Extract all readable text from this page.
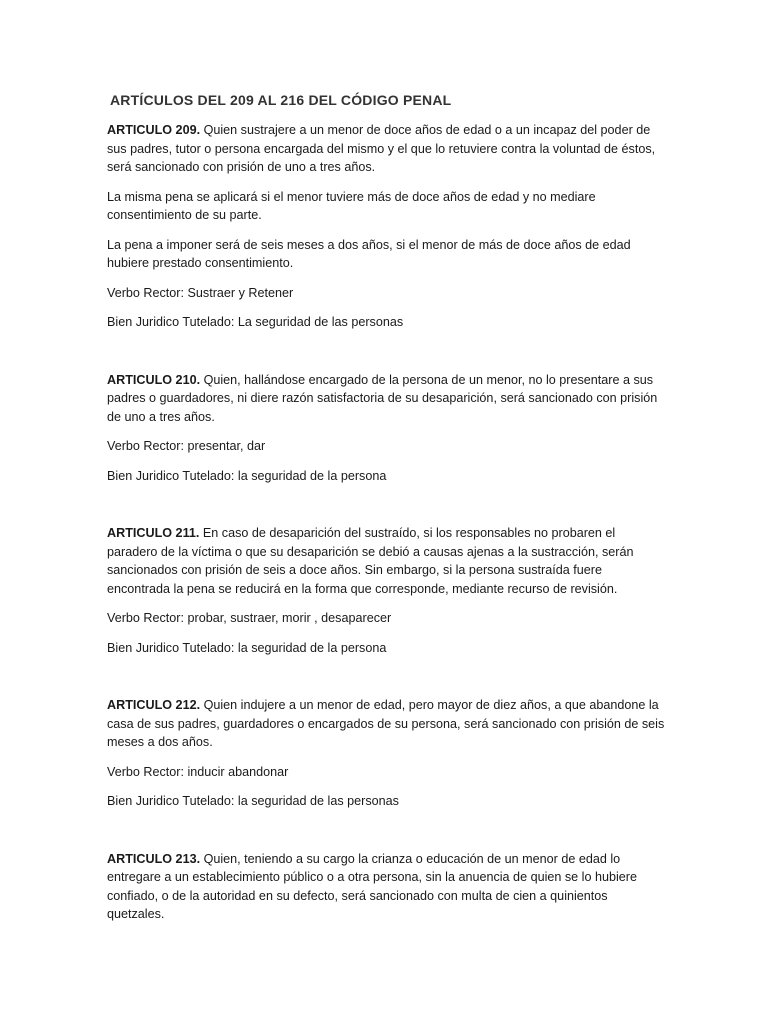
ARTÍCULOS DEL 209 AL 216 DEL CÓDIGO PENAL

ARTICULO 209. Quien sustrajere a un menor de doce años de edad o a un incapaz del poder de sus padres, tutor o persona encargada del mismo y el que lo retuviere contra la voluntad de éstos, será sancionado con prisión de uno a tres años.

La misma pena se aplicará si el menor tuviere más de doce años de edad y no mediare consentimiento de su parte.

La pena a imponer será de seis meses a dos años, si el menor de más de doce años de edad hubiere prestado consentimiento.

Verbo Rector: Sustraer y Retener

Bien Juridico Tutelado: La seguridad de las personas

ARTICULO 210. Quien, hallándose encargado de la persona de un menor, no lo presentare a sus padres o guardadores, ni diere razón satisfactoria de su desaparición, será sancionado con prisión de uno a tres años.

Verbo Rector: presentar, dar

Bien Juridico Tutelado: la seguridad de la persona

ARTICULO 211. En caso de desaparición del sustraído, si los responsables no probaren el paradero de la víctima o que su desaparición se debió a causas ajenas a la sustracción, serán sancionados con prisión de seis a doce años. Sin embargo, si la persona sustraída fuere encontrada la pena se reducirá en la forma que corresponde, mediante recurso de revisión.

Verbo Rector: probar, sustraer, morir , desaparecer

Bien Juridico Tutelado: la seguridad de la persona

ARTICULO 212. Quien indujere a un menor de edad, pero mayor de diez años, a que abandone la casa de sus padres, guardadores o encargados de su persona, será sancionado con prisión de seis meses a dos años.

Verbo Rector: inducir abandonar

Bien Juridico Tutelado: la seguridad de las personas

ARTICULO 213. Quien, teniendo a su cargo la crianza o educación de un menor de edad lo entregare a un establecimiento público o a otra persona, sin la anuencia de quien se lo hubiere confiado, o de la autoridad en su defecto, será sancionado con multa de cien a quinientos quetzales.
